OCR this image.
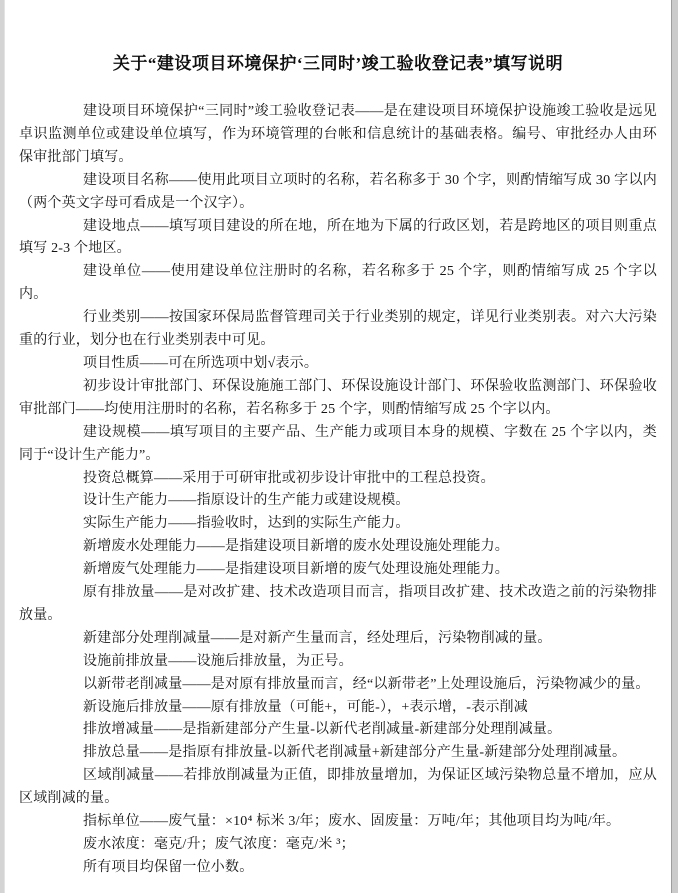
关于“建设项目环境保护‘三同时’竣工验收登记表”填写说明

建设项目环境保护“三同时”竣工验收登记表——是在建设项目环境保护设施竣工验收是远见卓识监测单位或建设单位填写，作为环境管理的台帐和信息统计的基础表格。编号、审批经办人由环保审批部门填写。

建设项目名称——使用此项目立项时的名称，若名称多于 30 个字，则酌情缩写成 30 字以内（两个英文字母可看成是一个汉字）。

建设地点——填写项目建设的所在地，所在地为下属的行政区划，若是跨地区的项目则重点填写 2-3 个地区。

建设单位——使用建设单位注册时的名称，若名称多于 25 个字，则酌情缩写成 25 个字以内。

行业类别——按国家环保局监督管理司关于行业类别的规定，详见行业类别表。对六大污染重的行业，划分也在行业类别表中可见。

项目性质——可在所选项中划√表示。

初步设计审批部门、环保设施施工部门、环保设施设计部门、环保验收监测部门、环保验收审批部门——均使用注册时的名称，若名称多于 25 个字，则酌情缩写成 25 个字以内。

建设规模——填写项目的主要产品、生产能力或项目本身的规模、字数在 25 个字以内，类同于“设计生产能力”。

投资总概算——采用于可研审批或初步设计审批中的工程总投资。

设计生产能力——指原设计的生产能力或建设规模。

实际生产能力——指验收时，达到的实际生产能力。

新增废水处理能力——是指建设项目新增的废水处理设施处理能力。

新增废气处理能力——是指建设项目新增的废气处理设施处理能力。

原有排放量——是对改扩建、技术改造项目而言，指项目改扩建、技术改造之前的污染物排放量。

新建部分处理削减量——是对新产生量而言，经处理后，污染物削减的量。

设施前排放量——设施后排放量，为正号。

以新带老削减量——是对原有排放量而言，经“以新带老”上处理设施后，污染物减少的量。

新设施后排放量——原有排放量（可能+，可能-），+表示增，-表示削减

排放增减量——是指新建部分产生量-以新代老削减量-新建部分处理削减量。

排放总量——是指原有排放量-以新代老削减量+新建部分产生量-新建部分处理削减量。

区域削减量——若排放削减量为正值，即排放量增加，为保证区域污染物总量不增加，应从区域削减的量。

指标单位——废气量：×10⁴ 标米 3/年；废水、固废量：万吨/年；其他项目均为吨/年。

废水浓度：毫克/升；废气浓度：毫克/米 ³；

所有项目均保留一位小数。
